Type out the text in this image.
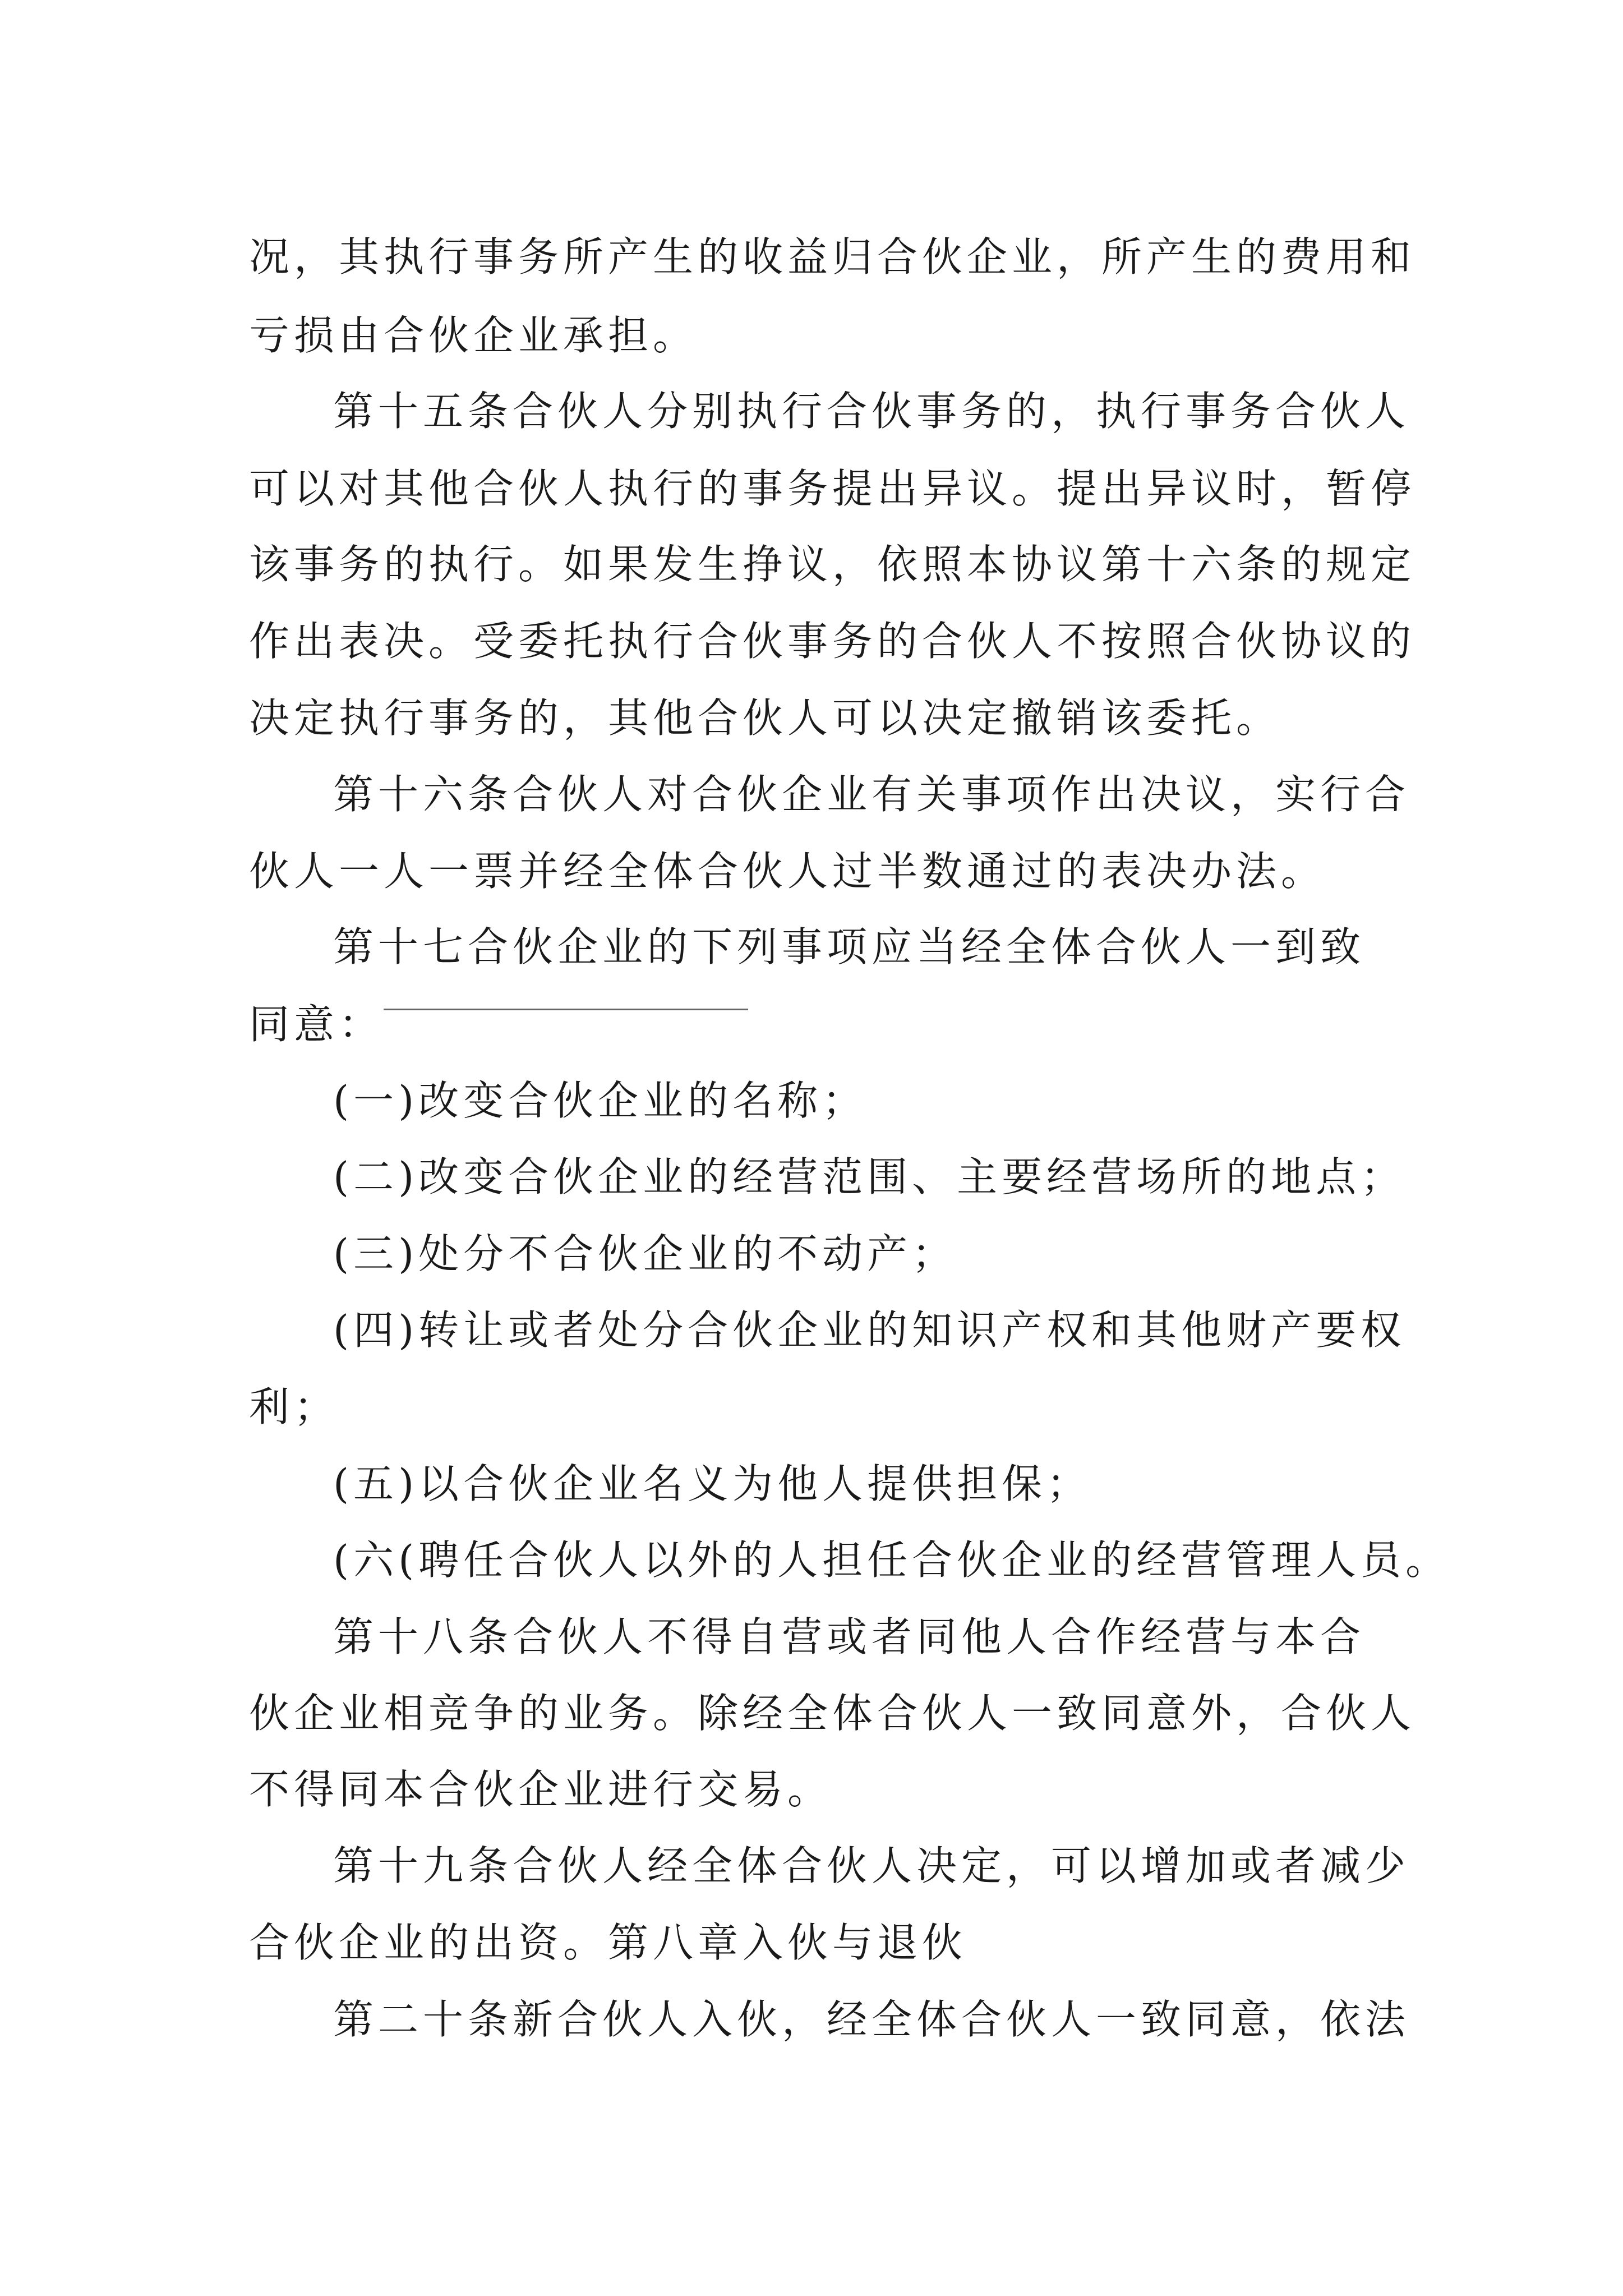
况，其执行事务所产生的收益归合伙企业，所产生的费用和
亏损由合伙企业承担。
第十五条合伙人分别执行合伙事务的，执行事务合伙人
可以对其他合伙人执行的事务提出异议。提出异议时，暂停
该事务的执行。如果发生挣议，依照本协议第十六条的规定
作出表决。受委托执行合伙事务的合伙人不按照合伙协议的
决定执行事务的，其他合伙人可以决定撤销该委托。
第十六条合伙人对合伙企业有关事项作出决议，实行合
伙人一人一票并经全体合伙人过半数通过的表决办法。
第十七合伙企业的下列事项应当经全体合伙人一到致
同意：
(一)改变合伙企业的名称；
(二)改变合伙企业的经营范围、主要经营场所的地点；
(三)处分不合伙企业的不动产；
(四)转让或者处分合伙企业的知识产权和其他财产要权
利；
(五)以合伙企业名义为他人提供担保；
(六(聘任合伙人以外的人担任合伙企业的经营管理人员。
第十八条合伙人不得自营或者同他人合作经营与本合
伙企业相竞争的业务。除经全体合伙人一致同意外，合伙人
不得同本合伙企业进行交易。
第十九条合伙人经全体合伙人决定，可以增加或者减少
合伙企业的出资。第八章入伙与退伙
第二十条新合伙人入伙，经全体合伙人一致同意，依法
